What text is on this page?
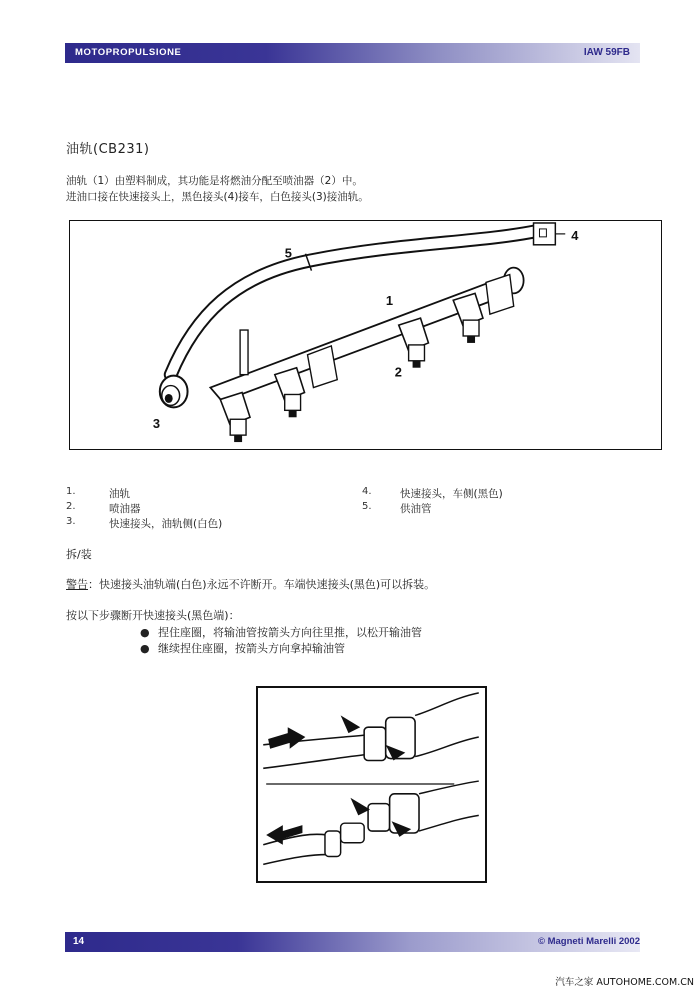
MOTOPROPULSIONE	IAW 59FB
油轨(CB231)
油轨（1）由塑料制成，其功能是将燃油分配至喷油器（2）中。
进油口接在快速接头上，黑色接头(4)接车，白色接头(3)接油轨。
5
1
2
3
4
1.	油轨
2.	喷油器
3.	快速接头，油轨侧(白色)
4.	快速接头，车侧(黑色)
5.	供油管
拆/装
警告：快速接头油轨端(白色)永远不许断开。车端快速接头(黑色)可以拆装。
按以下步骤断开快速接头(黑色端)：
● 捏住座圈，将输油管按箭头方向往里推，以松开输油管
● 继续捏住座圈，按箭头方向拿掉输油管
14	© Magneti Marelli 2002
汽车之家 AUTOHOME.COM.CN
